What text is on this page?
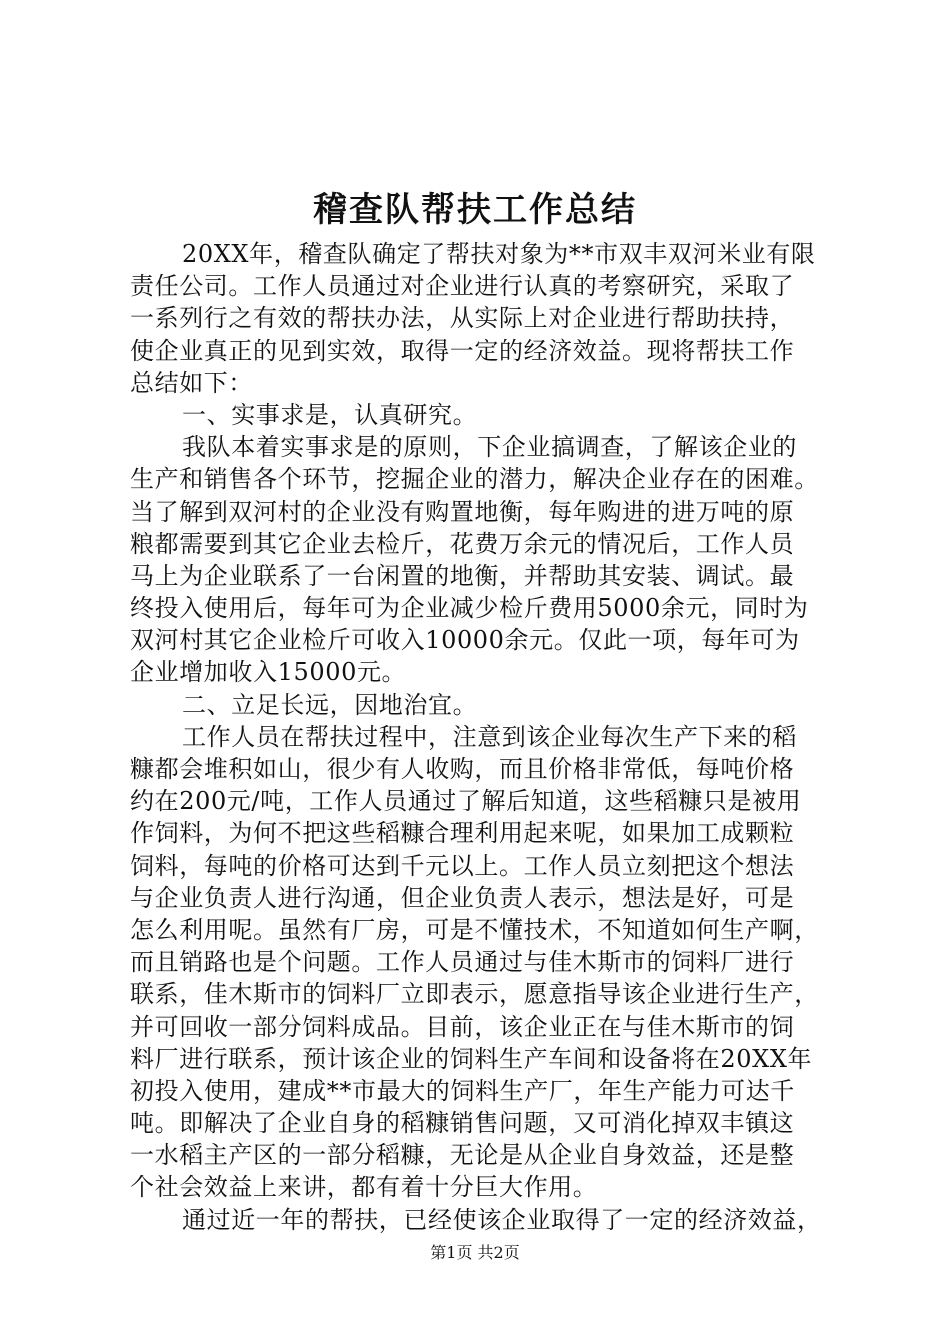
稽查队帮扶工作总结
20XX年，稽查队确定了帮扶对象为**市双丰双河米业有限
责任公司。工作人员通过对企业进行认真的考察研究，采取了
一系列行之有效的帮扶办法，从实际上对企业进行帮助扶持，
使企业真正的见到实效，取得一定的经济效益。现将帮扶工作
总结如下：
一、实事求是，认真研究。
我队本着实事求是的原则，下企业搞调查，了解该企业的
生产和销售各个环节，挖掘企业的潜力，解决企业存在的困难。
当了解到双河村的企业没有购置地衡，每年购进的进万吨的原
粮都需要到其它企业去检斤，花费万余元的情况后，工作人员
马上为企业联系了一台闲置的地衡，并帮助其安装、调试。最
终投入使用后，每年可为企业减少检斤费用5000余元，同时为
双河村其它企业检斤可收入10000余元。仅此一项，每年可为
企业增加收入15000元。
二、立足长远，因地治宜。
工作人员在帮扶过程中，注意到该企业每次生产下来的稻
糠都会堆积如山，很少有人收购，而且价格非常低，每吨价格
约在200元/吨，工作人员通过了解后知道，这些稻糠只是被用
作饲料，为何不把这些稻糠合理利用起来呢，如果加工成颗粒
饲料，每吨的价格可达到千元以上。工作人员立刻把这个想法
与企业负责人进行沟通，但企业负责人表示，想法是好，可是
怎么利用呢。虽然有厂房，可是不懂技术，不知道如何生产啊，
而且销路也是个问题。工作人员通过与佳木斯市的饲料厂进行
联系，佳木斯市的饲料厂立即表示，愿意指导该企业进行生产，
并可回收一部分饲料成品。目前，该企业正在与佳木斯市的饲
料厂进行联系，预计该企业的饲料生产车间和设备将在20XX年
初投入使用，建成**市最大的饲料生产厂，年生产能力可达千
吨。即解决了企业自身的稻糠销售问题，又可消化掉双丰镇这
一水稻主产区的一部分稻糠，无论是从企业自身效益，还是整
个社会效益上来讲，都有着十分巨大作用。
通过近一年的帮扶，已经使该企业取得了一定的经济效益，
第1页 共2页
